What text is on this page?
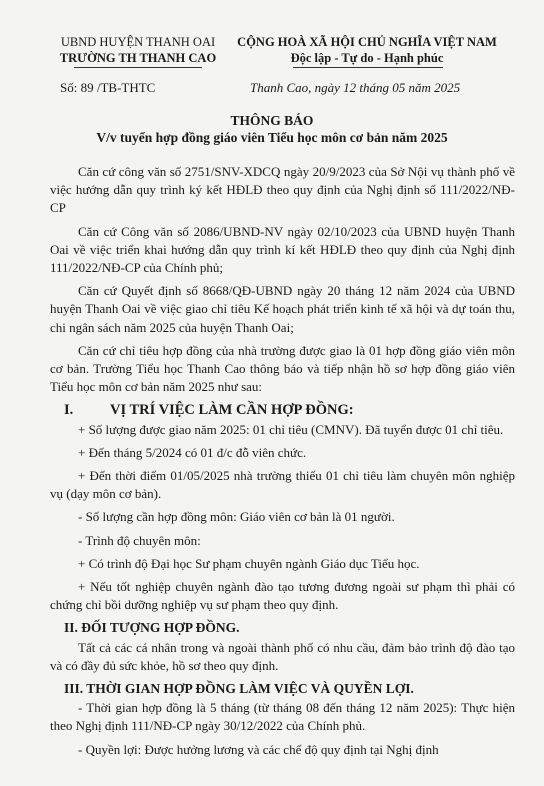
UBND HUYỆN THANH OAI
TRƯỜNG TH THANH CAO
CỘNG HOÀ XÃ HỘI CHỦ NGHĨA VIỆT NAM
Độc lập - Tự do - Hạnh phúc
Số: 89 /TB-THTC	Thanh Cao, ngày 12 tháng 05 năm 2025
THÔNG BÁO
V/v tuyển hợp đồng giáo viên Tiểu học môn cơ bản năm 2025

Căn cứ công văn số 2751/SNV-XDCQ ngày 20/9/2023 của Sở Nội vụ thành phố về việc hướng dẫn quy trình ký kết HĐLĐ theo quy định của Nghị định số 111/2022/NĐ-CP

Căn cứ Công văn số 2086/UBND-NV ngày 02/10/2023 của UBND huyện Thanh Oai về việc triển khai hướng dẫn quy trình kí kết HĐLĐ theo quy định của Nghị định 111/2022/NĐ-CP của Chính phủ;

Căn cứ Quyết định số 8668/QĐ-UBND ngày 20 tháng 12 năm 2024 của UBND huyện Thanh Oai về việc giao chỉ tiêu Kế hoạch phát triển kinh tế xã hội và dự toán thu, chi ngân sách năm 2025 của huyện Thanh Oai;

Căn cứ chỉ tiêu hợp đồng của nhà trường được giao là 01 hợp đồng giáo viên môn cơ bản. Trường Tiểu học Thanh Cao thông báo và tiếp nhận hồ sơ hợp đồng giáo viên Tiểu học môn cơ bản năm 2025 như sau:

I.	VỊ TRÍ VIỆC LÀM CẦN HỢP ĐỒNG:

+ Số lượng được giao năm 2025: 01 chỉ tiêu (CMNV). Đã tuyển được 01 chỉ tiêu.

+ Đến tháng 5/2024 có 01 đ/c đỗ viên chức.

+ Đến thời điểm 01/05/2025 nhà trường thiếu 01 chỉ tiêu làm chuyên môn nghiệp vụ (dạy môn cơ bản).

- Số lượng cần hợp đồng môn: Giáo viên cơ bản là 01 người.

- Trình độ chuyên môn:

+ Có trình độ Đại học Sư phạm chuyên ngành Giáo dục Tiểu học.

+ Nếu tốt nghiệp chuyên ngành đào tạo tương đương ngoài sư phạm thì phải có chứng chỉ bồi dưỡng nghiệp vụ sư phạm theo quy định.

II. ĐỐI TƯỢNG HỢP ĐỒNG.

Tất cả các cá nhân trong và ngoài thành phố có nhu cầu, đảm bảo trình độ đào tạo và có đầy đủ sức khỏe, hồ sơ theo quy định.

III. THỜI GIAN HỢP ĐỒNG LÀM VIỆC VÀ QUYỀN LỢI.

- Thời gian hợp đồng là 5 tháng (từ tháng 08 đến tháng 12 năm 2025): Thực hiện theo Nghị định 111/NĐ-CP ngày 30/12/2022 của Chính phủ.

- Quyền lợi: Được hưởng lương và các chế độ quy định tại Nghị định
